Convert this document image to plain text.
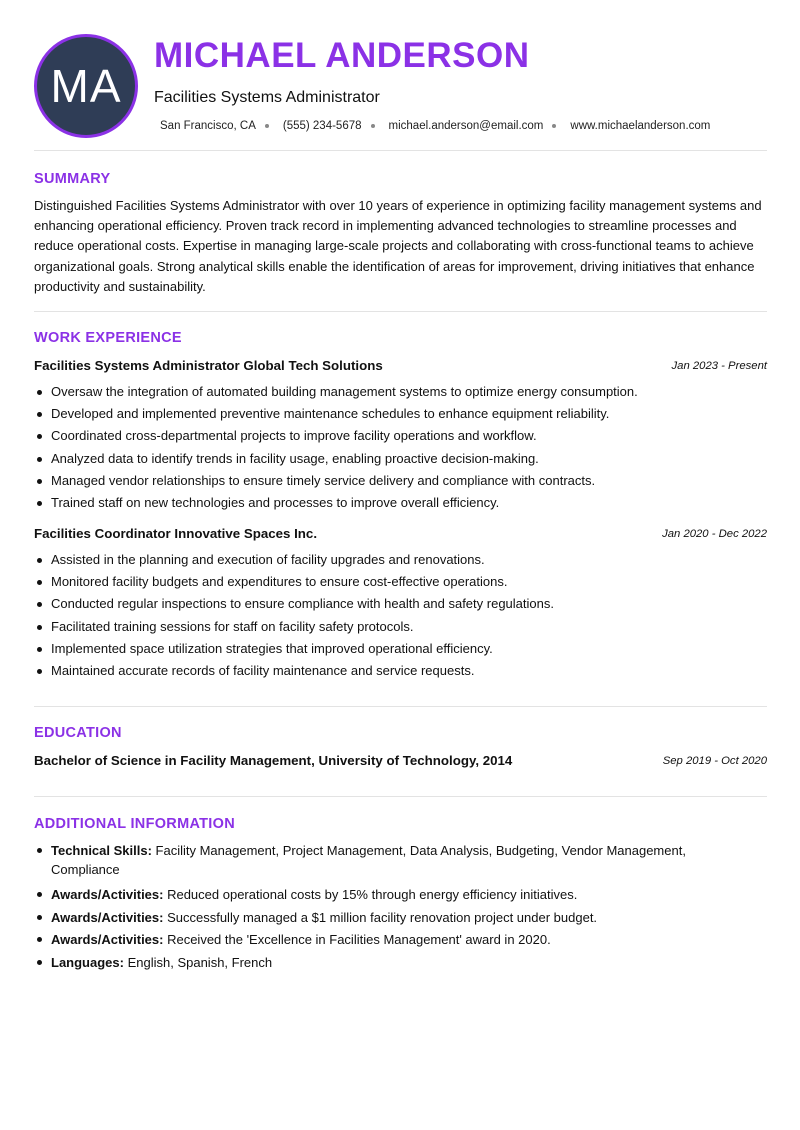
MA
MICHAEL ANDERSON
Facilities Systems Administrator
San Francisco, CA (555) 234-5678 michael.anderson@email.com www.michaelanderson.com
SUMMARY
Distinguished Facilities Systems Administrator with over 10 years of experience in optimizing facility management systems and enhancing operational efficiency. Proven track record in implementing advanced technologies to streamline processes and reduce operational costs. Expertise in managing large-scale projects and collaborating with cross-functional teams to achieve organizational goals. Strong analytical skills enable the identification of areas for improvement, driving initiatives that enhance productivity and sustainability.
WORK EXPERIENCE
Facilities Systems Administrator Global Tech Solutions	Jan 2023 - Present
Oversaw the integration of automated building management systems to optimize energy consumption.
Developed and implemented preventive maintenance schedules to enhance equipment reliability.
Coordinated cross-departmental projects to improve facility operations and workflow.
Analyzed data to identify trends in facility usage, enabling proactive decision-making.
Managed vendor relationships to ensure timely service delivery and compliance with contracts.
Trained staff on new technologies and processes to improve overall efficiency.
Facilities Coordinator Innovative Spaces Inc.	Jan 2020 - Dec 2022
Assisted in the planning and execution of facility upgrades and renovations.
Monitored facility budgets and expenditures to ensure cost-effective operations.
Conducted regular inspections to ensure compliance with health and safety regulations.
Facilitated training sessions for staff on facility safety protocols.
Implemented space utilization strategies that improved operational efficiency.
Maintained accurate records of facility maintenance and service requests.
EDUCATION
Bachelor of Science in Facility Management, University of Technology, 2014	Sep 2019 - Oct 2020
ADDITIONAL INFORMATION
Technical Skills: Facility Management, Project Management, Data Analysis, Budgeting, Vendor Management, Compliance
Awards/Activities: Reduced operational costs by 15% through energy efficiency initiatives.
Awards/Activities: Successfully managed a $1 million facility renovation project under budget.
Awards/Activities: Received the 'Excellence in Facilities Management' award in 2020.
Languages: English, Spanish, French
